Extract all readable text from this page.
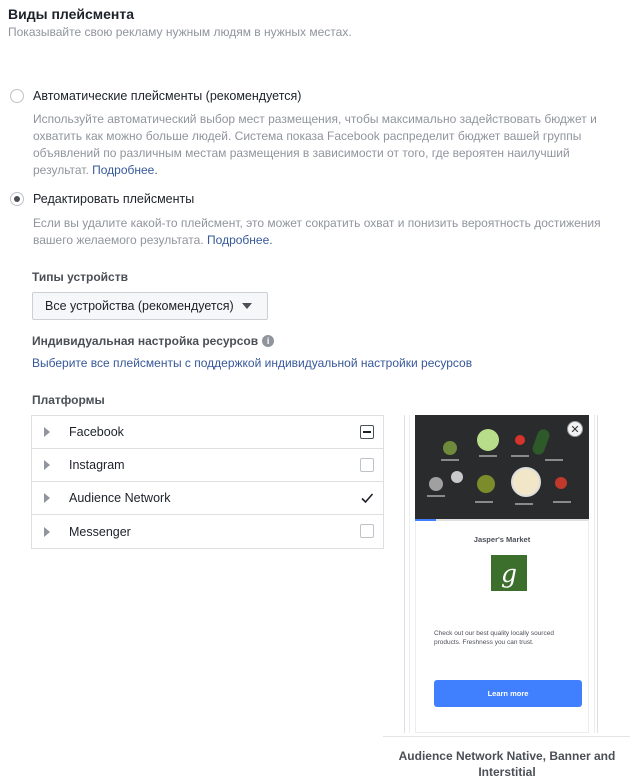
Виды плейсмента
Показывайте свою рекламу нужным людям в нужных местах.
Автоматические плейсменты (рекомендуется)
Используйте автоматический выбор мест размещения, чтобы максимально задействовать бюджет и охватить как можно больше людей. Система показа Facebook распределит бюджет вашей группы объявлений по различным местам размещения в зависимости от того, где вероятен наилучший результат. Подробнее.
Редактировать плейсменты
Если вы удалите какой-то плейсмент, это может сократить охват и понизить вероятность достижения вашего желаемого результата. Подробнее.
Типы устройств
Все устройства (рекомендуется)
Индивидуальная настройка ресурсов i
Выберите все плейсменты с поддержкой индивидуальной настройки ресурсов
Платформы
Facebook
Instagram
Audience Network
Messenger
✕
Jasper's Market
g
Check out our best quality locally sourced products. Freshness you can trust.
Learn more
Audience Network Native, Banner and Interstitial
